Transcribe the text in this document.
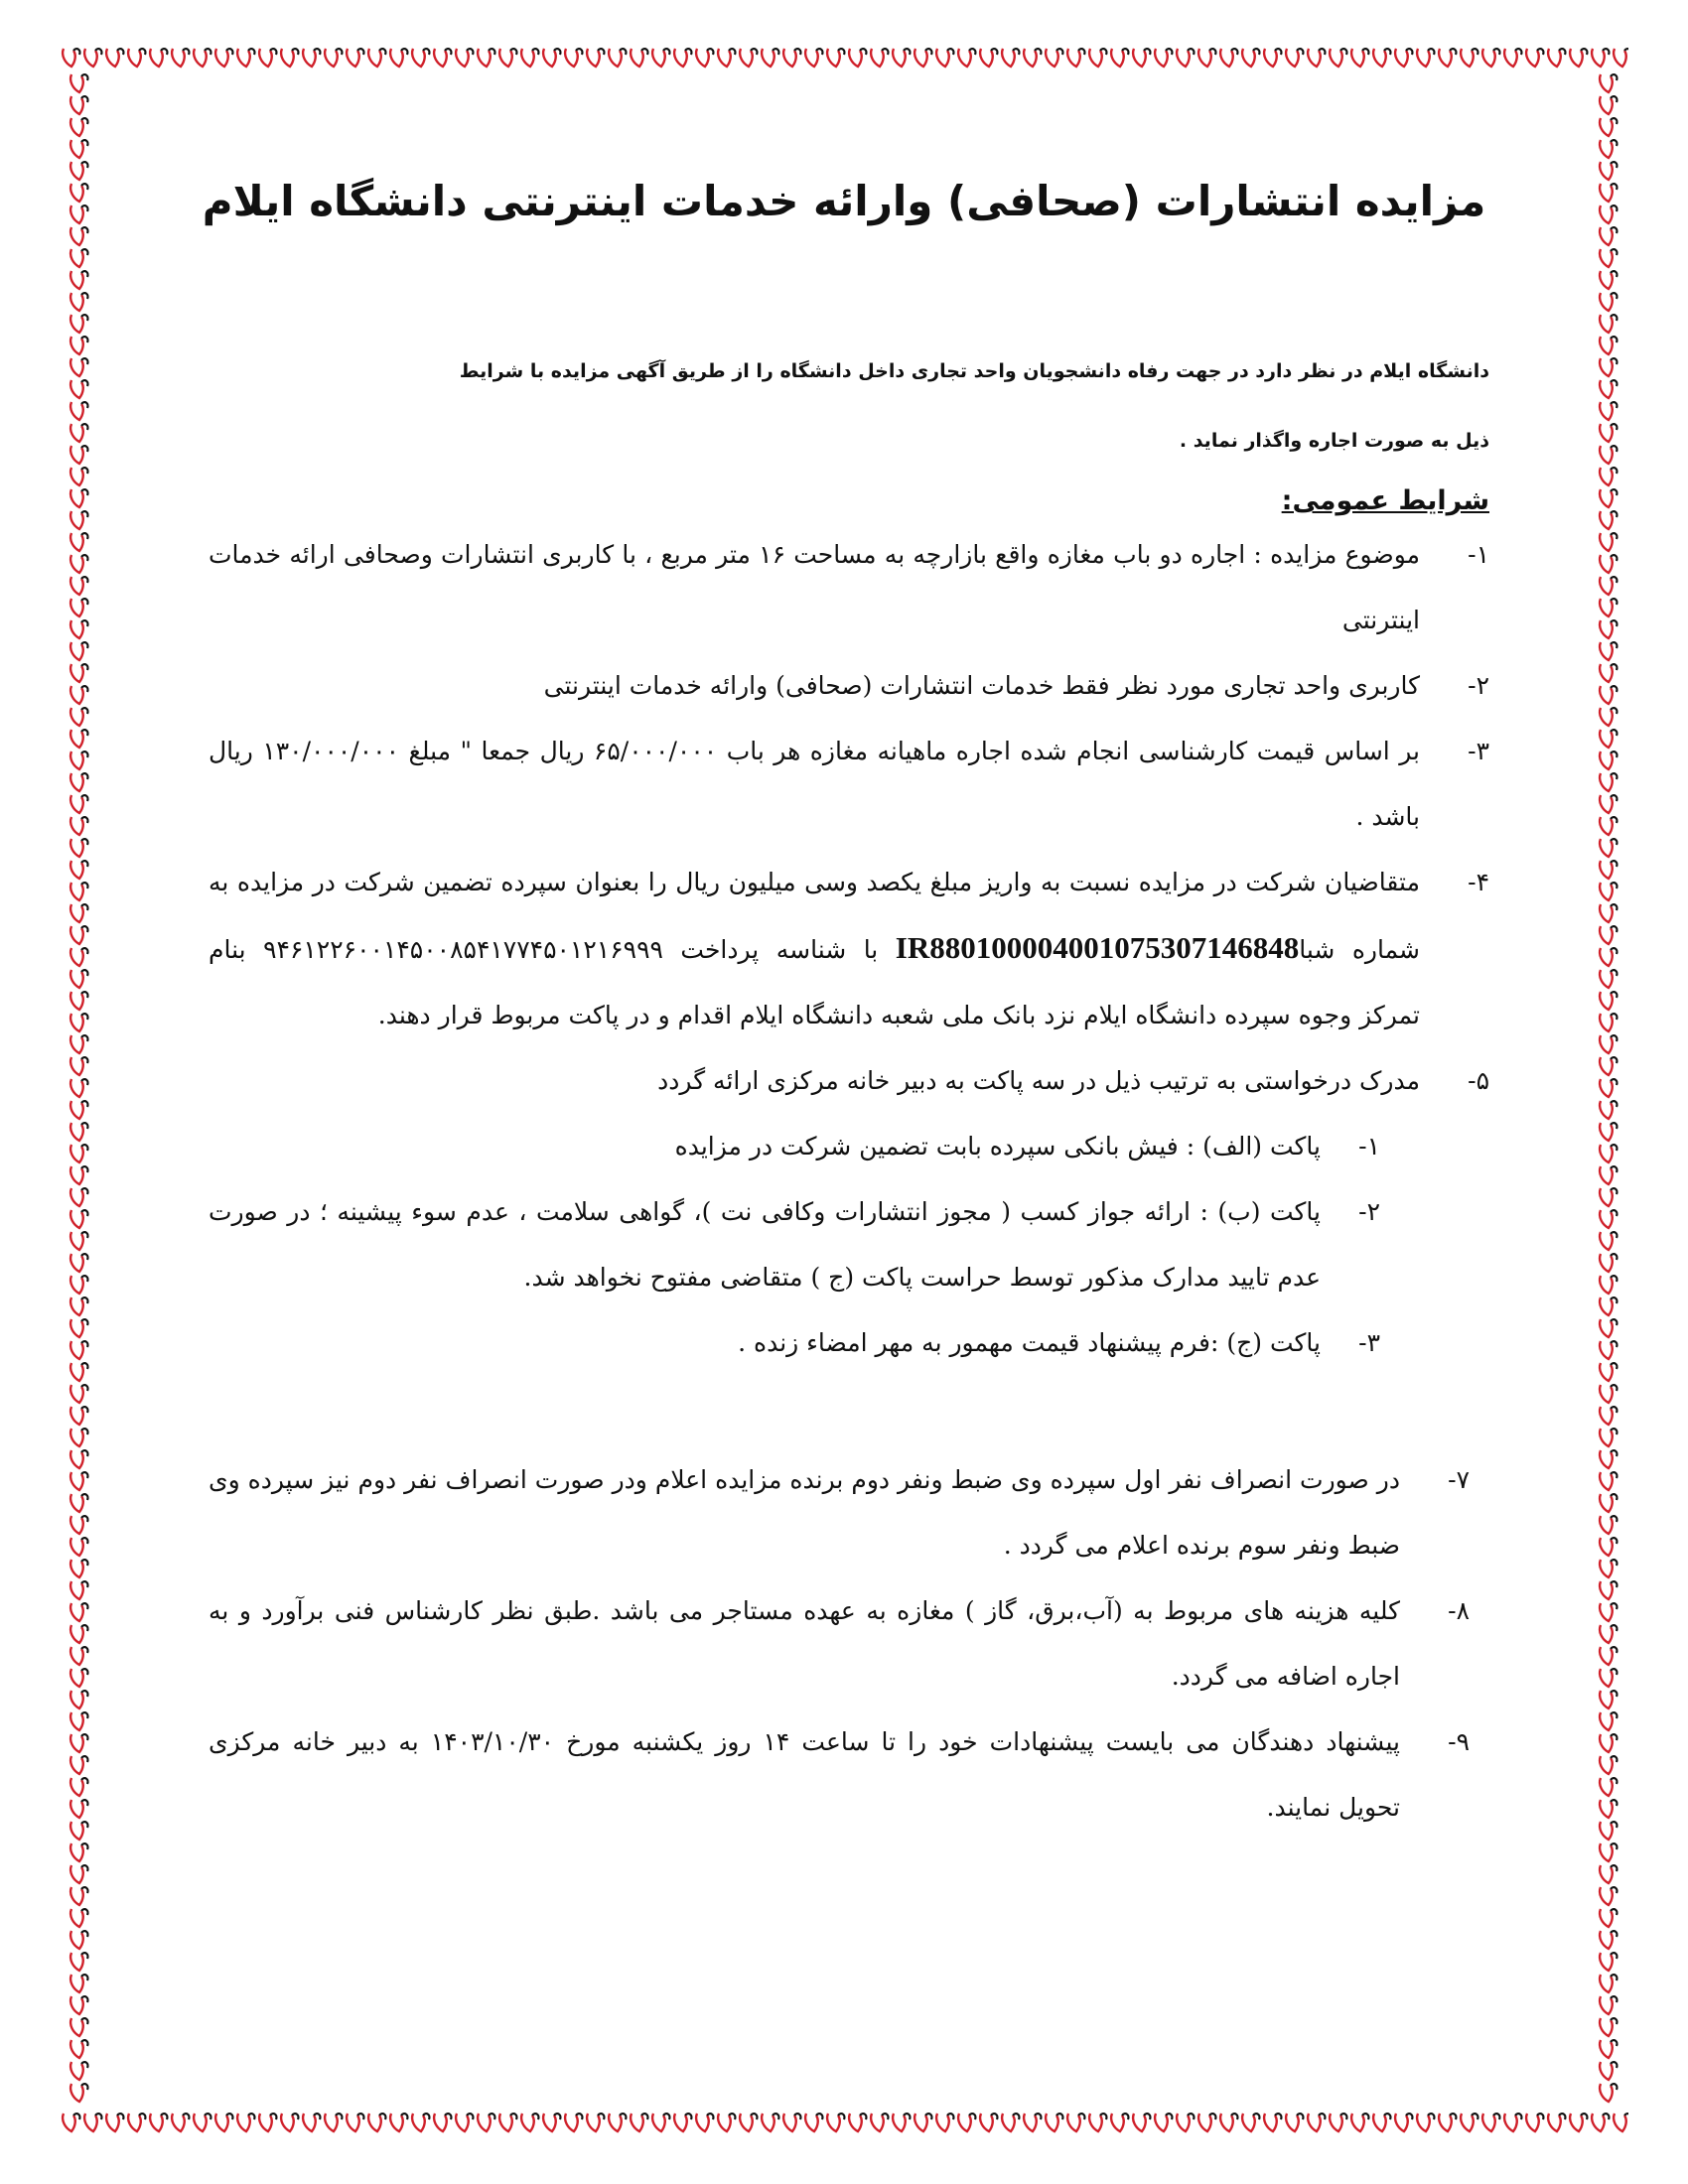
مزایده انتشارات (صحافی) وارائه خدمات اینترنتی دانشگاه ایلام

دانشگاه ایلام در نظر دارد در جهت رفاه دانشجویان واحد تجاری داخل دانشگاه را از طریق آگهی مزایده با شرایط

ذیل به صورت اجاره واگذار نماید .

شرایط عمومی:
۱-
موضوع مزایده : اجاره دو باب مغازه واقع بازارچه به مساحت ۱۶ متر مربع ، با کاربری انتشارات وصحافی ارائه خدمات اینترنتی
۲-
کاربری واحد تجاری مورد نظر فقط خدمات انتشارات (صحافی) وارائه خدمات اینترنتی
۳-
بر اساس قیمت کارشناسی انجام شده اجاره ماهیانه مغازه هر باب ۶۵/۰۰۰/۰۰۰ ریال جمعا " مبلغ ۱۳۰/۰۰۰/۰۰۰ ریال باشد .
۴-
متقاضیان شرکت در مزایده نسبت به واریز مبلغ یکصد وسی میلیون ریال را بعنوان سپرده تضمین شرکت در مزایده به شماره شباIR880100004001075307146848 با شناسه پرداخت ۹۴۶۱۲۲۶۰۰۱۴۵۰۰۸۵۴۱۷۷۴۵۰۱۲۱۶۹۹۹ بنام تمرکز وجوه سپرده دانشگاه ایلام نزد بانک ملی شعبه دانشگاه ایلام اقدام و در پاکت مربوط قرار دهند.
۵-
مدرک درخواستی به ترتیب ذیل در سه پاکت به دبیر خانه مرکزی ارائه گردد
۱-
پاکت (الف) : فیش بانکی سپرده بابت تضمین شرکت در مزایده
۲-
پاکت (ب) : ارائه جواز کسب ( مجوز انتشارات وکافی نت )، گواهی سلامت ، عدم سوء پیشینه ؛ در صورت عدم تایید مدارک مذکور توسط حراست پاکت (ج ) متقاضی مفتوح نخواهد شد.
۳-
پاکت (ج) :فرم پیشنهاد قیمت مهمور به مهر امضاء زنده .
۷-
در صورت انصراف نفر اول سپرده وی ضبط ونفر دوم برنده مزایده اعلام ودر صورت انصراف نفر دوم نیز سپرده وی ضبط ونفر سوم برنده اعلام می گردد .
۸-
کلیه هزینه های مربوط به (آب،برق، گاز ) مغازه به عهده مستاجر می باشد .طبق نظر کارشناس فنی برآورد و به اجاره اضافه می گردد.
۹-
پیشنهاد دهندگان می بایست پیشنهادات خود را تا ساعت ۱۴ روز یکشنبه مورخ ۱۴۰۳/۱۰/۳۰ به دبیر خانه مرکزی تحویل نمایند.
